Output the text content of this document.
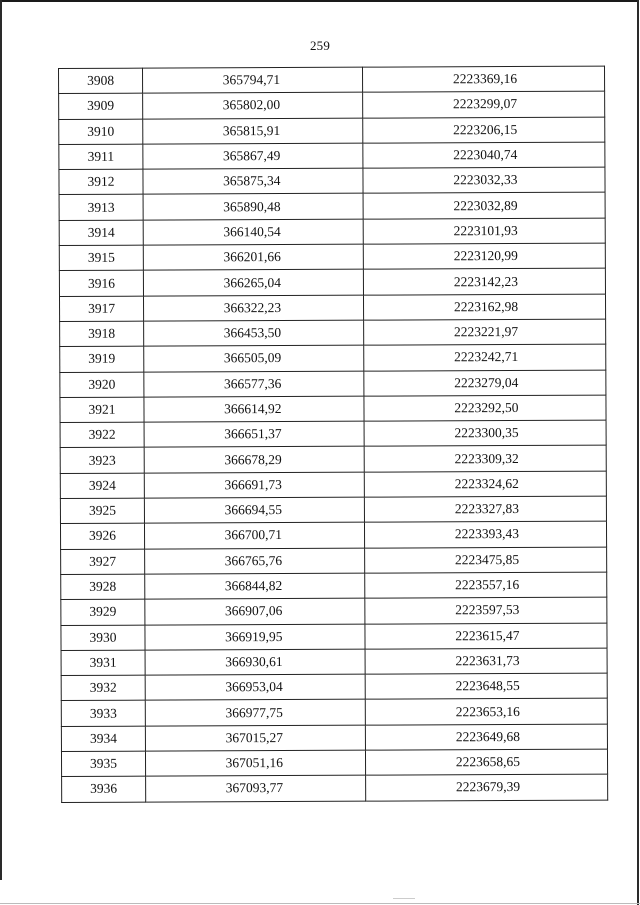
259
3908	365794,71	2223369,16
3909	365802,00	2223299,07
3910	365815,91	2223206,15
3911	365867,49	2223040,74
3912	365875,34	2223032,33
3913	365890,48	2223032,89
3914	366140,54	2223101,93
3915	366201,66	2223120,99
3916	366265,04	2223142,23
3917	366322,23	2223162,98
3918	366453,50	2223221,97
3919	366505,09	2223242,71
3920	366577,36	2223279,04
3921	366614,92	2223292,50
3922	366651,37	2223300,35
3923	366678,29	2223309,32
3924	366691,73	2223324,62
3925	366694,55	2223327,83
3926	366700,71	2223393,43
3927	366765,76	2223475,85
3928	366844,82	2223557,16
3929	366907,06	2223597,53
3930	366919,95	2223615,47
3931	366930,61	2223631,73
3932	366953,04	2223648,55
3933	366977,75	2223653,16
3934	367015,27	2223649,68
3935	367051,16	2223658,65
3936	367093,77	2223679,39
